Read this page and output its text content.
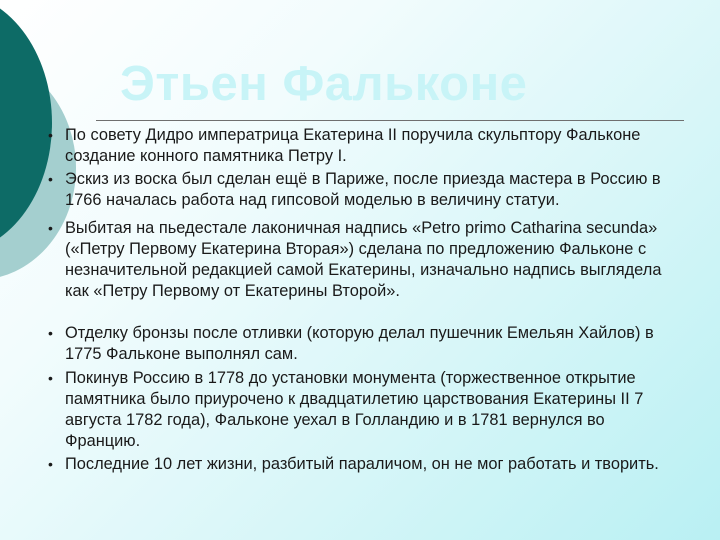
Этьен Фальконе
• По совету Дидро императрица Екатерина II поручила скульптору Фальконе создание конного памятника Петру I.
• Эскиз из воска был сделан ещё в Париже, после приезда мастера в Россию в 1766 началась работа над гипсовой моделью в величину статуи.
• Выбитая на пьедестале лаконичная надпись «Petro primo Catharina secunda» («Петру Первому Екатерина Вторая») сделана по предложению Фальконе с незначительной редакцией самой Екатерины, изначально надпись выглядела как «Петру Первому от Екатерины Второй».
• Отделку бронзы после отливки (которую делал пушечник Емельян Хайлов) в 1775 Фальконе выполнял сам.
• Покинув Россию в 1778 до установки монумента (торжественное открытие памятника было приурочено к двадцатилетию царствования Екатерины II 7 августа 1782 года), Фальконе уехал в Голландию и в 1781 вернулся во Францию.
• Последние 10 лет жизни, разбитый параличом, он не мог работать и творить.
